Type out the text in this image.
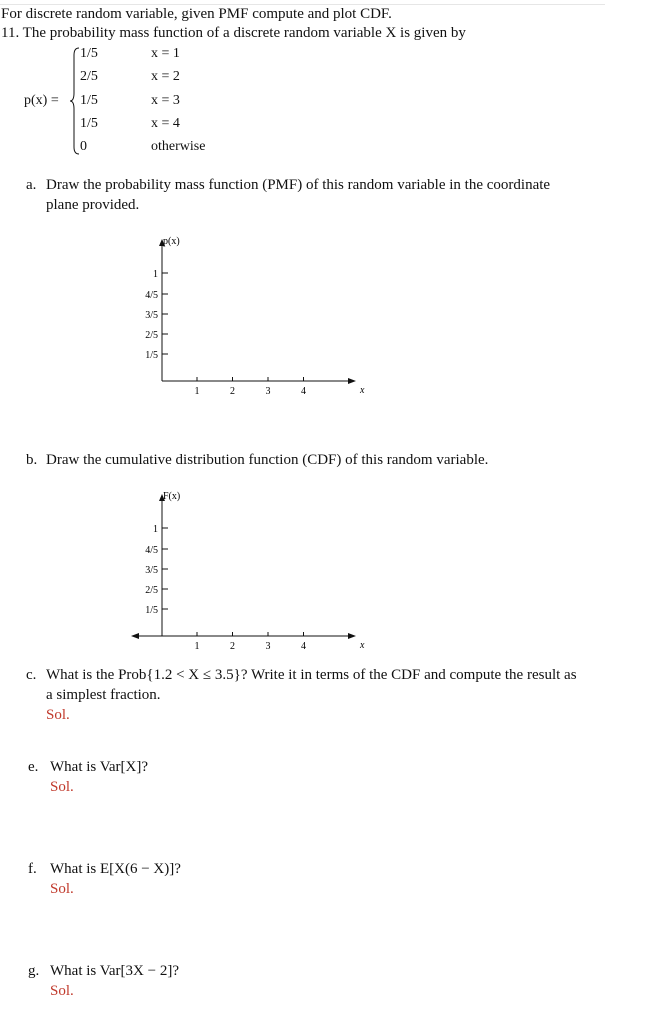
For discrete random variable, given PMF compute and plot CDF.
11. The probability mass function of a discrete random variable X is given by
p(x) =
1/5	x = 1
2/5	x = 2
1/5	x = 3
1/5	x = 4
0	otherwise
a. Draw the probability mass function (PMF) of this random variable in the coordinate
plane provided.
p(x)
x
1/5
2/5
3/5
4/5
1
1	2	3	4
b. Draw the cumulative distribution function (CDF) of this random variable.
F(x)
x
1/5
2/5
3/5
4/5
1
1	2	3	4
c. What is the Prob{1.2 < X ≤ 3.5}? Write it in terms of the CDF and compute the result as
a simplest fraction.
Sol.
e. What is Var[X]?
Sol.
f. What is E[X(6 − X)]?
Sol.
g. What is Var[3X − 2]?
Sol.
